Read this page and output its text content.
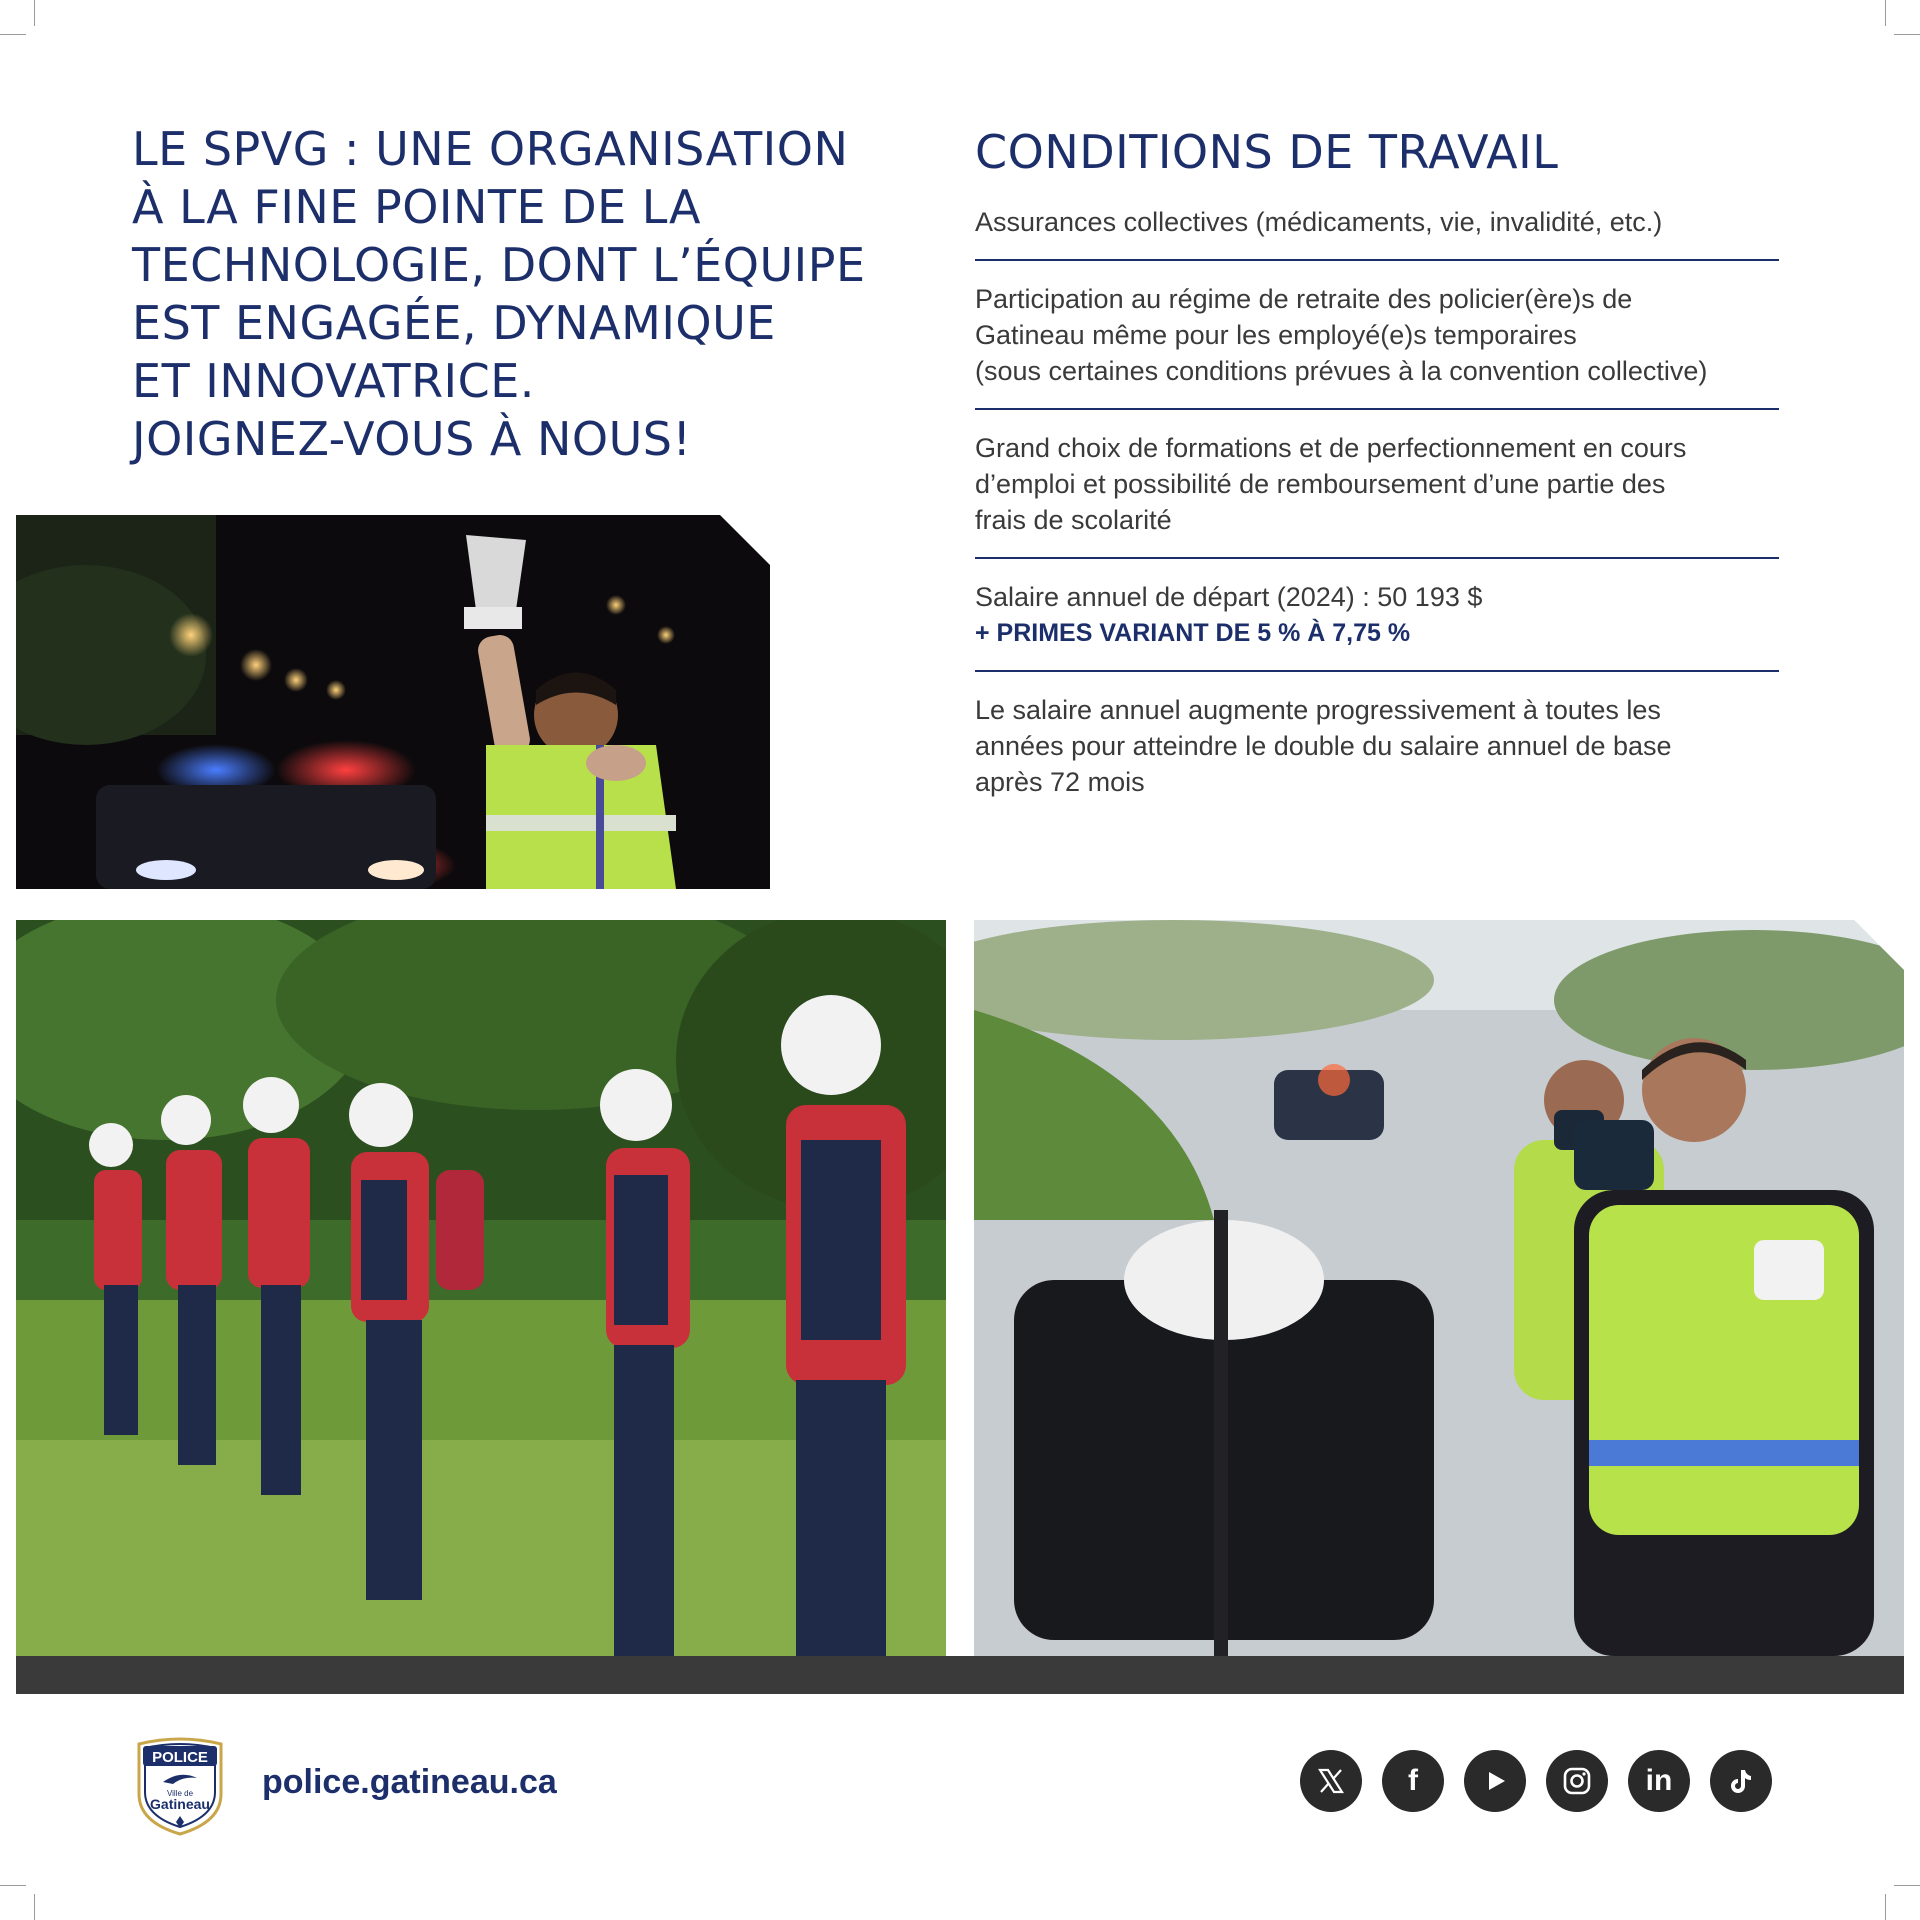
LE SPVG : UNE ORGANISATION
À LA FINE POINTE DE LA
TECHNOLOGIE, DONT L’ÉQUIPE
EST ENGAGÉE, DYNAMIQUE
ET INNOVATRICE.
JOIGNEZ-VOUS À NOUS!
CONDITIONS DE TRAVAIL
Assurances collectives (médicaments, vie, invalidité, etc.)
Participation au régime de retraite des policier(ère)s de
Gatineau même pour les employé(e)s temporaires
(sous certaines conditions prévues à la convention collective)
Grand choix de formations et de perfectionnement en cours
d’emploi et possibilité de remboursement d’une partie des
frais de scolarité
Salaire annuel de départ (2024) : 50 193 $
+ PRIMES VARIANT DE 5 % À 7,75 %
Le salaire annuel augmente progressivement à toutes les
années pour atteindre le double du salaire annuel de base
après 72 mois
POLICE
Ville de
Gatineau
police.gatineau.ca	f	in
